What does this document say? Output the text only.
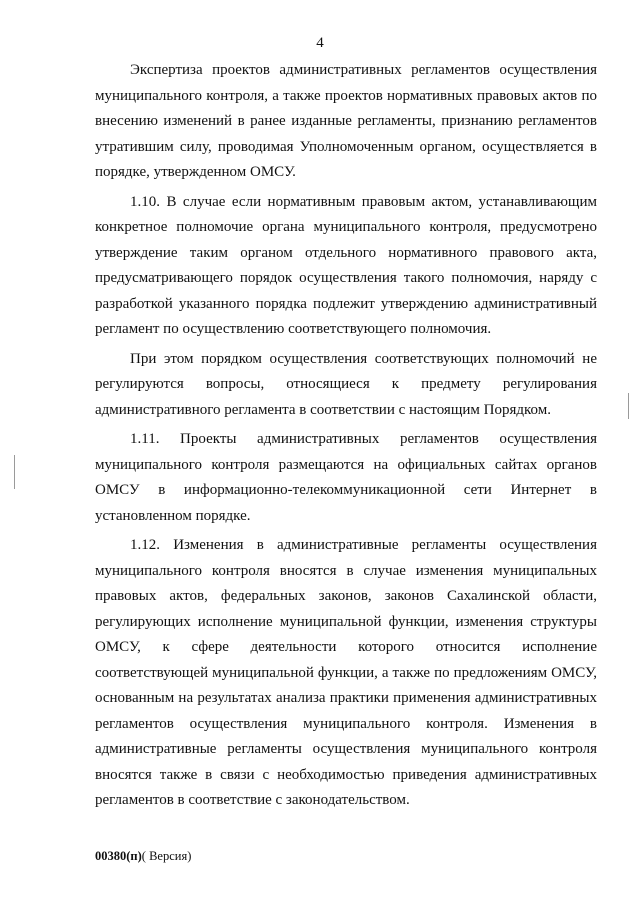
4

Экспертиза проектов административных регламентов осуществления муниципального контроля, а также проектов нормативных правовых актов по внесению изменений в ранее изданные регламенты, признанию регламентов утратившим силу, проводимая Уполномоченным органом, осуществляется в порядке, утвержденном ОМСУ.

1.10. В случае если нормативным правовым актом, устанавливающим конкретное полномочие органа муниципального контроля, предусмотрено утверждение таким органом отдельного нормативного правового акта, предусматривающего порядок осуществления такого полномочия, наряду с разработкой указанного порядка подлежит утверждению административный регламент по осуществлению соответствующего полномочия.

При этом порядком осуществления соответствующих полномочий не регулируются вопросы, относящиеся к предмету регулирования административного регламента в соответствии с настоящим Порядком.

1.11. Проекты административных регламентов осуществления муниципального контроля размещаются на официальных сайтах органов ОМСУ в информационно-телекоммуникационной сети Интернет в установленном порядке.

1.12. Изменения в административные регламенты осуществления муниципального контроля вносятся в случае изменения муниципальных правовых актов, федеральных законов, законов Сахалинской области, регулирующих исполнение муниципальной функции, изменения структуры ОМСУ, к сфере деятельности которого относится исполнение соответствующей муниципальной функции, а также по предложениям ОМСУ, основанным на результатах анализа практики применения административных регламентов осуществления муниципального контроля. Изменения в административные регламенты осуществления муниципального контроля вносятся также в связи с необходимостью приведения административных регламентов в соответствие с законодательством.

00380(п)( Версия)
